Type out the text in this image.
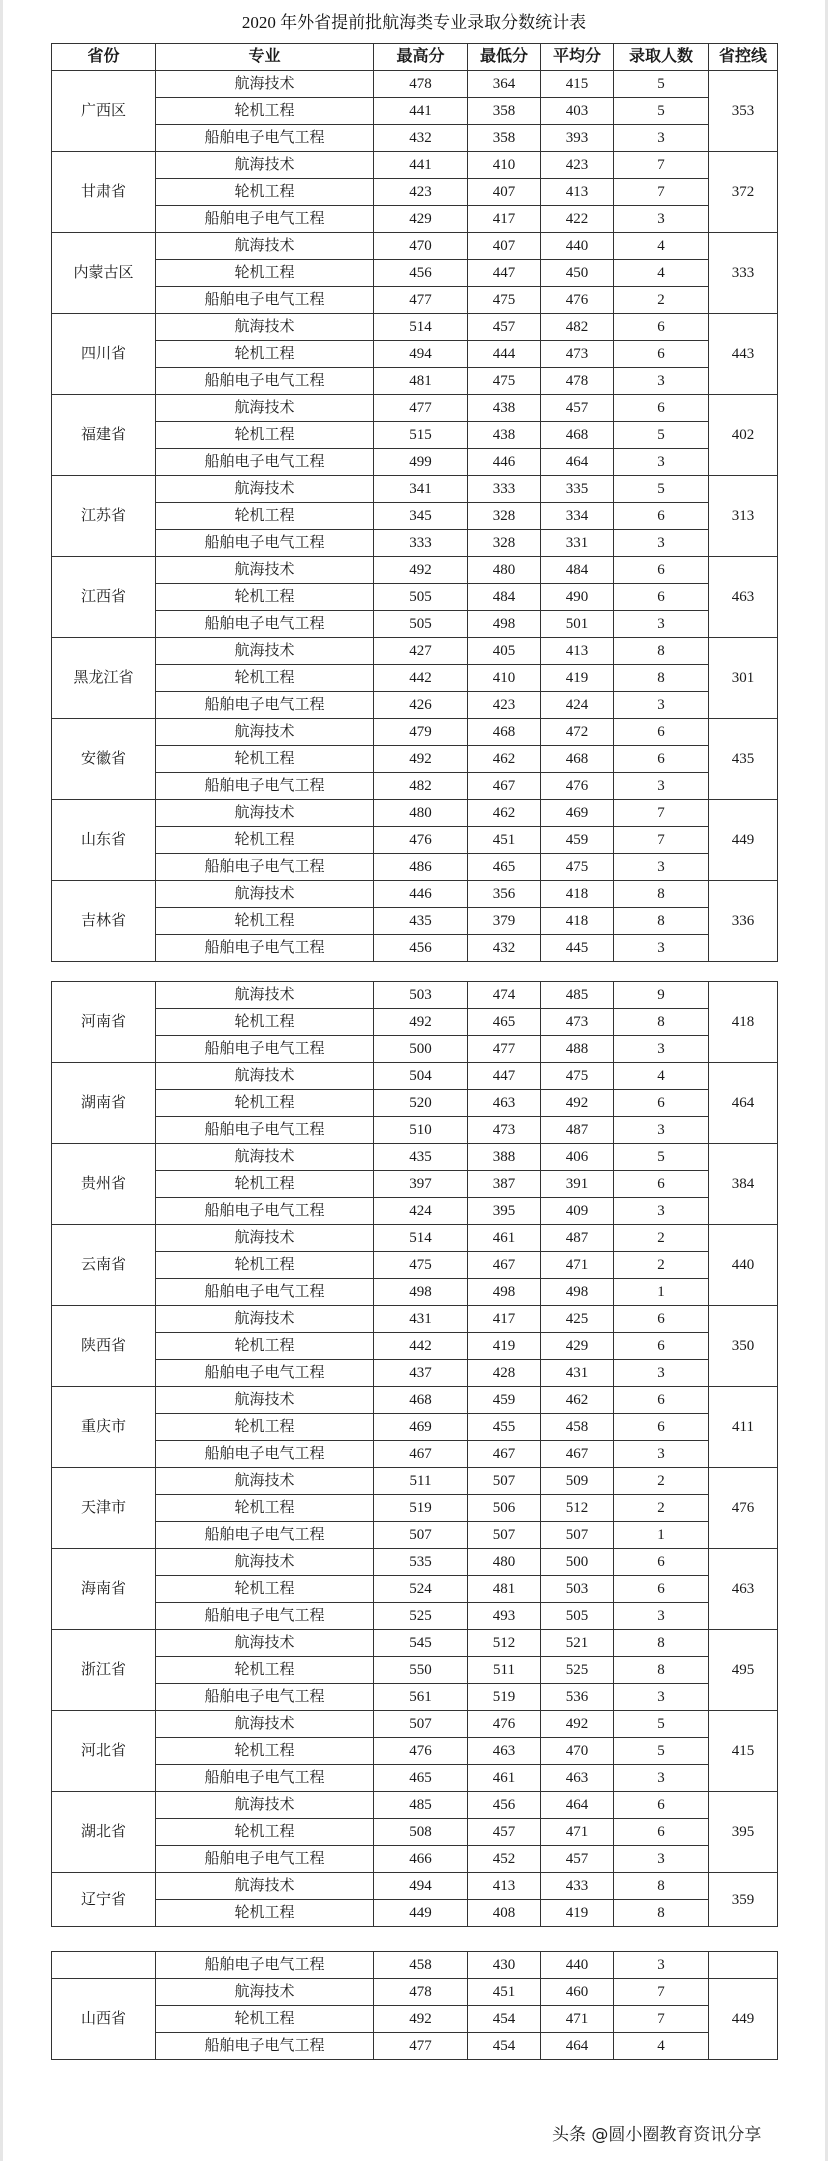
2020 年外省提前批航海类专业录取分数统计表
省份	专业	最高分	最低分	平均分	录取人数	省控线
广西区	航海技术	478	364	415	5	353
	轮机工程	441	358	403	5	
	船舶电子电气工程	432	358	393	3	
甘肃省	航海技术	441	410	423	7	372
	轮机工程	423	407	413	7	
	船舶电子电气工程	429	417	422	3	
内蒙古区	航海技术	470	407	440	4	333
	轮机工程	456	447	450	4	
	船舶电子电气工程	477	475	476	2	
四川省	航海技术	514	457	482	6	443
	轮机工程	494	444	473	6	
	船舶电子电气工程	481	475	478	3	
福建省	航海技术	477	438	457	6	402
	轮机工程	515	438	468	5	
	船舶电子电气工程	499	446	464	3	
江苏省	航海技术	341	333	335	5	313
	轮机工程	345	328	334	6	
	船舶电子电气工程	333	328	331	3	
江西省	航海技术	492	480	484	6	463
	轮机工程	505	484	490	6	
	船舶电子电气工程	505	498	501	3	
黑龙江省	航海技术	427	405	413	8	301
	轮机工程	442	410	419	8	
	船舶电子电气工程	426	423	424	3	
安徽省	航海技术	479	468	472	6	435
	轮机工程	492	462	468	6	
	船舶电子电气工程	482	467	476	3	
山东省	航海技术	480	462	469	7	449
	轮机工程	476	451	459	7	
	船舶电子电气工程	486	465	475	3	
吉林省	航海技术	446	356	418	8	336
	轮机工程	435	379	418	8	
	船舶电子电气工程	456	432	445	3	
河南省	航海技术	503	474	485	9	418
	轮机工程	492	465	473	8	
	船舶电子电气工程	500	477	488	3	
湖南省	航海技术	504	447	475	4	464
	轮机工程	520	463	492	6	
	船舶电子电气工程	510	473	487	3	
贵州省	航海技术	435	388	406	5	384
	轮机工程	397	387	391	6	
	船舶电子电气工程	424	395	409	3	
云南省	航海技术	514	461	487	2	440
	轮机工程	475	467	471	2	
	船舶电子电气工程	498	498	498	1	
陕西省	航海技术	431	417	425	6	350
	轮机工程	442	419	429	6	
	船舶电子电气工程	437	428	431	3	
重庆市	航海技术	468	459	462	6	411
	轮机工程	469	455	458	6	
	船舶电子电气工程	467	467	467	3	
天津市	航海技术	511	507	509	2	476
	轮机工程	519	506	512	2	
	船舶电子电气工程	507	507	507	1	
海南省	航海技术	535	480	500	6	463
	轮机工程	524	481	503	6	
	船舶电子电气工程	525	493	505	3	
浙江省	航海技术	545	512	521	8	495
	轮机工程	550	511	525	8	
	船舶电子电气工程	561	519	536	3	
河北省	航海技术	507	476	492	5	415
	轮机工程	476	463	470	5	
	船舶电子电气工程	465	461	463	3	
湖北省	航海技术	485	456	464	6	395
	轮机工程	508	457	471	6	
	船舶电子电气工程	466	452	457	3	
辽宁省	航海技术	494	413	433	8	359
	轮机工程	449	408	419	8	
	船舶电子电气工程	458	430	440	3	
山西省	航海技术	478	451	460	7	449
	轮机工程	492	454	471	7	
	船舶电子电气工程	477	454	464	4	
头条 @圆小圈教育资讯分享
